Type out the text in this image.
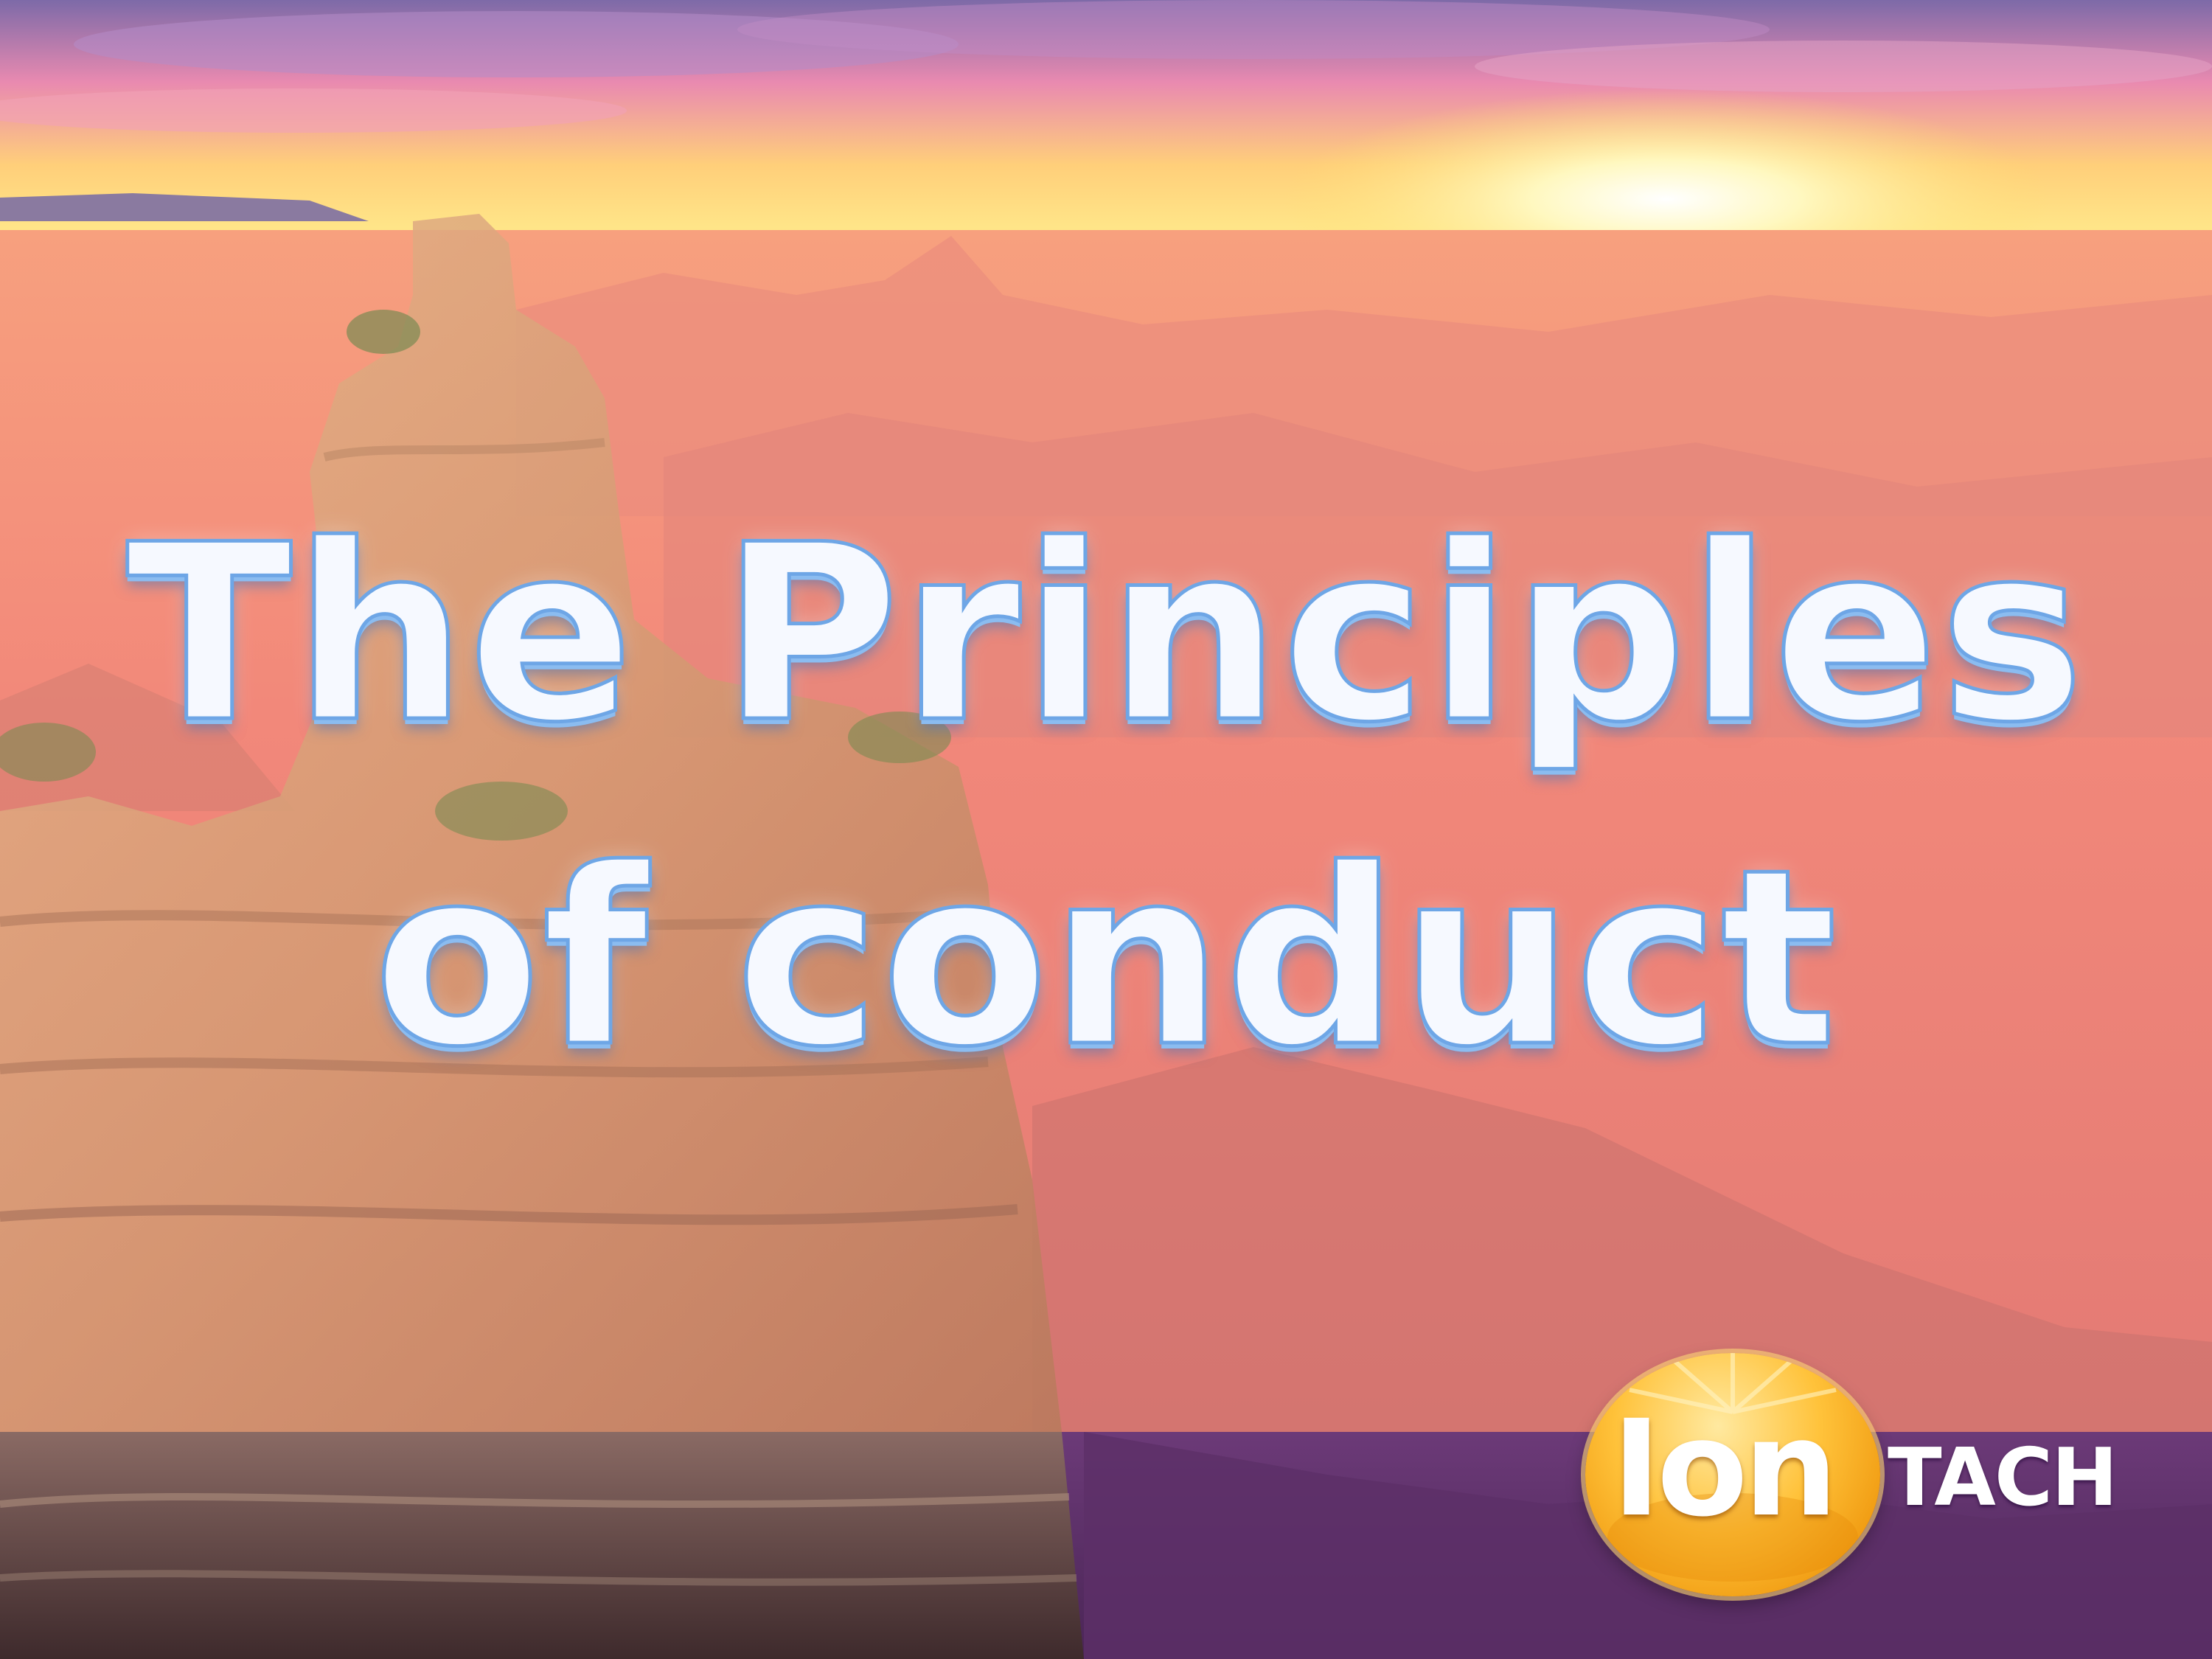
The Principles
of conduct
Ion TACH
